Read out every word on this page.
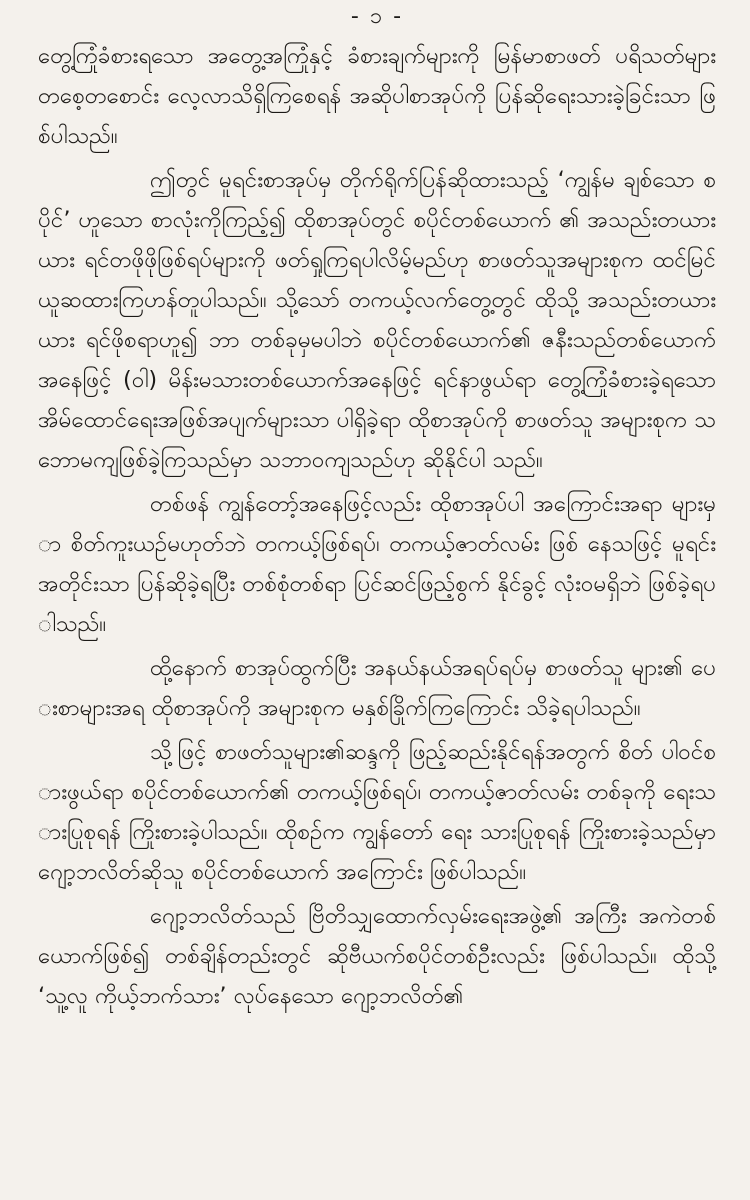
- ၁ -

တွေ့ကြုံခံစားရသော အတွေ့အကြုံနှင့် ခံစားချက်များကို မြန်မာစာဖတ် ပရိသတ်များ တစေ့တစောင်း လေ့လာသိရှိကြစေရန် အဆိုပါစာအုပ်ကို ပြန်ဆိုရေးသားခဲ့ခြင်းသာ ဖြစ်ပါသည်။

ဤတွင် မူရင်းစာအုပ်မှ တိုက်ရိုက်ပြန်ဆိုထားသည့် ‘ကျွန်မ ချစ်သော စပိုင်’ ဟူသော စာလုံးကိုကြည့်၍ ထိုစာအုပ်တွင် စပိုင်တစ်ယောက် ၏ အသည်းတယားယား ရင်တဖိုဖိုဖြစ်ရပ်များကို ဖတ်ရှုကြရပါလိမ့်မည်ဟု စာဖတ်သူအများစုက ထင်မြင်ယူဆထားကြဟန်တူပါသည်။ သို့သော် တကယ့်လက်တွေ့တွင် ထိုသို့ အသည်းတယားယား ရင်ဖိုစရာဟူ၍ ဘာ တစ်ခုမှမပါဘဲ စပိုင်တစ်ယောက်၏ ဇနီးသည်တစ်ယောက်အနေဖြင့် (ဝါ) မိန်းမသားတစ်ယောက်အနေဖြင့် ရင်နာဖွယ်ရာ တွေ့ကြုံခံစားခဲ့ရသော အိမ်ထောင်ရေးအဖြစ်အပျက်များသာ ပါရှိခဲ့ရာ ထိုစာအုပ်ကို စာဖတ်သူ အများစုက သဘောမကျဖြစ်ခဲ့ကြသည်မှာ သဘာဝကျသည်ဟု ဆိုနိုင်ပါ သည်။

တစ်ဖန် ကျွန်တော့်အနေဖြင့်လည်း ထိုစာအုပ်ပါ အကြောင်းအရာ များမှာ စိတ်ကူးယဉ်မဟုတ်ဘဲ တကယ့်ဖြစ်ရပ်၊ တကယ့်ဇာတ်လမ်း ဖြစ် နေသဖြင့် မူရင်းအတိုင်းသာ ပြန်ဆိုခဲ့ရပြီး တစ်စုံတစ်ရာ ပြင်ဆင်ဖြည့်စွက် နိုင်ခွင့် လုံးဝမရှိဘဲ ဖြစ်ခဲ့ရပါသည်။

ထို့နောက် စာအုပ်ထွက်ပြီး အနယ်နယ်အရပ်ရပ်မှ စာဖတ်သူ များ၏ ပေးစာများအရ ထိုစာအုပ်ကို အများစုက မနှစ်ခြိုက်ကြကြောင်း သိခဲ့ရပါသည်။

သို့ဖြင့် စာဖတ်သူများ၏ဆန္ဒကို ဖြည့်ဆည်းနိုင်ရန်အတွက် စိတ် ပါဝင်စားဖွယ်ရာ စပိုင်တစ်ယောက်၏ တကယ့်ဖြစ်ရပ်၊ တကယ့်ဇာတ်လမ်း တစ်ခုကို ရေးသားပြုစုရန် ကြိုးစားခဲ့ပါသည်။ ထိုစဉ်က ကျွန်တော် ရေး သားပြုစုရန် ကြိုးစားခဲ့သည်မှာ ဂျော့ဘလိတ်ဆိုသူ စပိုင်တစ်ယောက် အကြောင်း ဖြစ်ပါသည်။

ဂျော့ဘလိတ်သည် ဗြိတိသျှထောက်လှမ်းရေးအဖွဲ့၏ အကြီး အကဲတစ်ယောက်ဖြစ်၍ တစ်ချိန်တည်းတွင် ဆိုဗီယက်စပိုင်တစ်ဦးလည်း ဖြစ်ပါသည်။ ထိုသို့ ‘သူ့လူ ကိုယ့်ဘက်သား’ လုပ်နေသော ဂျော့ဘလိတ်၏
